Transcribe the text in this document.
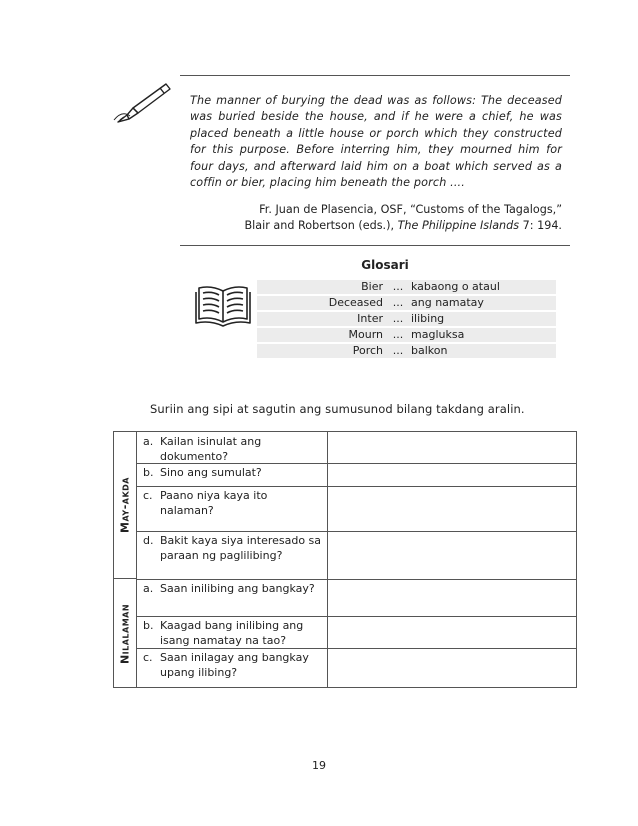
The manner of burying the dead was as follows: The deceased was buried beside the house, and if he were a chief, he was placed beneath a little house or porch which they constructed for this purpose. Before interring him, they mourned him for four days, and afterward laid him on a boat which served as a coffin or bier, placing him beneath the porch ....
Fr. Juan de Plasencia, OSF, “Customs of the Tagalogs,”
Blair and Robertson (eds.), The Philippine Islands 7: 194.
Glosari
Bier	...	kabaong o ataul
Deceased	...	ang namatay
Inter	...	ilibing
Mourn	...	magluksa
Porch	...	balkon
Suriin ang sipi at sagutin ang sumusunod bilang takdang aralin.
a. Kailan isinulat ang dokumento?
b. Sino ang sumulat?
c. Paano niya kaya ito nalaman?
d. Bakit kaya siya interesado sa paraan ng paglilibing?
May-akda
a. Saan inilibing ang bangkay?
b. Kaagad bang inilibing ang isang namatay na tao?
c. Saan inilagay ang bangkay upang ilibing?
Nilalaman
19
